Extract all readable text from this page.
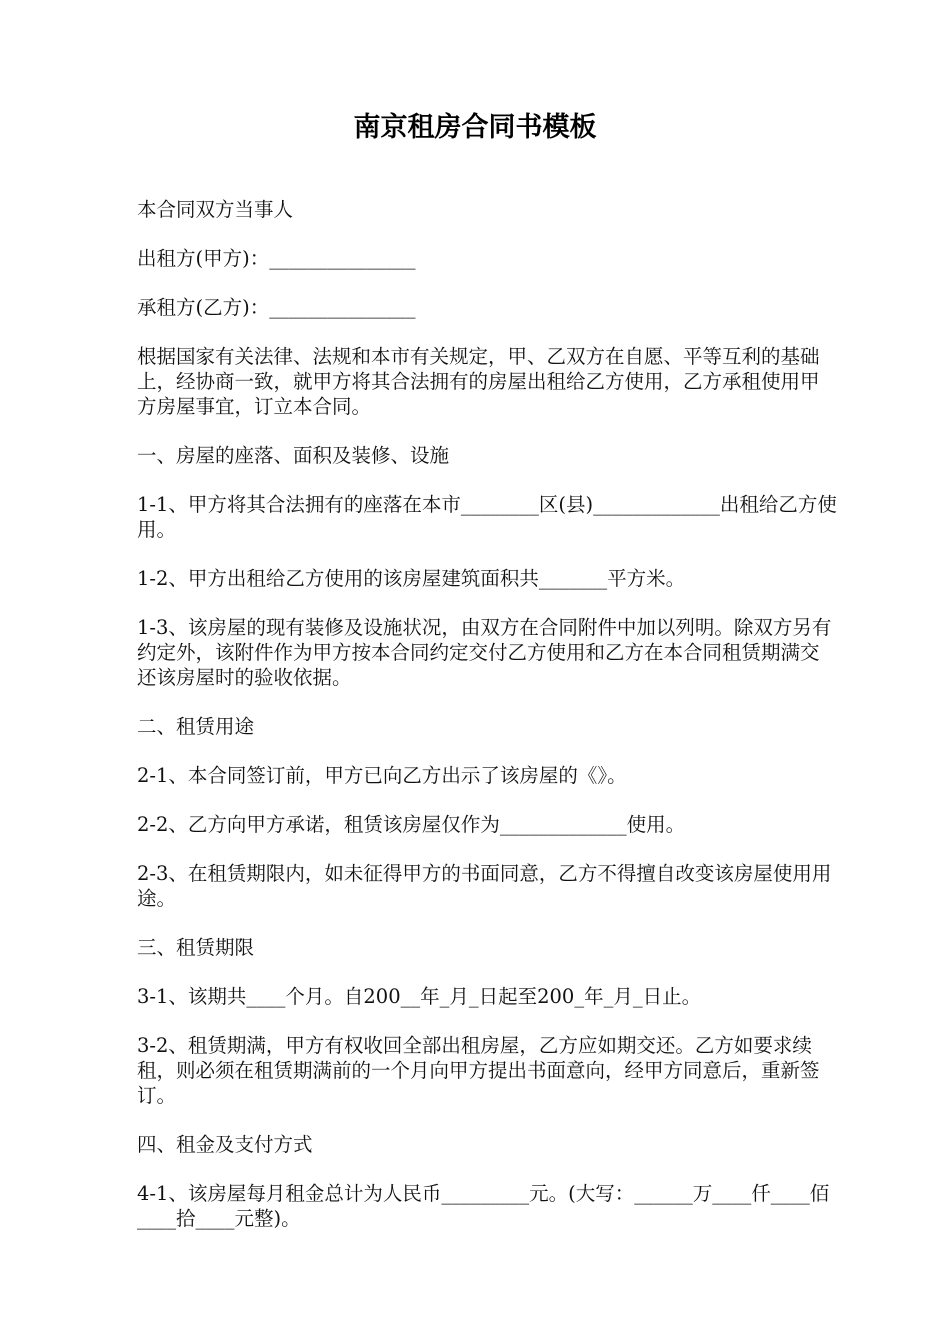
南京租房合同书模板

本合同双方当事人

出租方(甲方)：_______________

承租方(乙方)：_______________

根据国家有关法律、法规和本市有关规定，甲、乙双方在自愿、平等互利的基础上，经协商一致，就甲方将其合法拥有的房屋出租给乙方使用，乙方承租使用甲方房屋事宜，订立本合同。

一、房屋的座落、面积及装修、设施

1-1、甲方将其合法拥有的座落在本市________区(县)_____________出租给乙方使用。

1-2、甲方出租给乙方使用的该房屋建筑面积共_______平方米。

1-3、该房屋的现有装修及设施状况，由双方在合同附件中加以列明。除双方另有约定外，该附件作为甲方按本合同约定交付乙方使用和乙方在本合同租赁期满交还该房屋时的验收依据。

二、租赁用途

2-1、本合同签订前，甲方已向乙方出示了该房屋的《》。

2-2、乙方向甲方承诺，租赁该房屋仅作为_____________使用。

2-3、在租赁期限内，如未征得甲方的书面同意，乙方不得擅自改变该房屋使用用途。

三、租赁期限

3-1、该期共____个月。自200__年_月_日起至200_年_月_日止。

3-2、租赁期满，甲方有权收回全部出租房屋，乙方应如期交还。乙方如要求续租，则必须在租赁期满前的一个月向甲方提出书面意向，经甲方同意后，重新签订。

四、租金及支付方式

4-1、该房屋每月租金总计为人民币_________元。(大写：______万____仟____佰____拾____元整)。
